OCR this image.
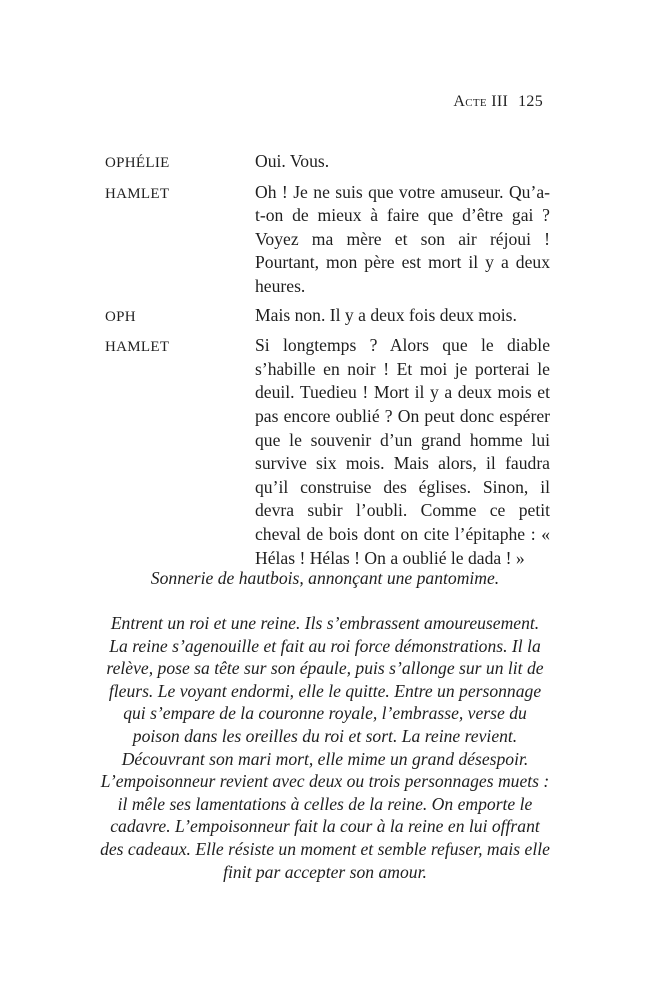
Acte III 125
OPHÉLIE	Oui. Vous.
HAMLET	Oh ! Je ne suis que votre amuseur. Qu’a-t-on de mieux à faire que d’être gai ? Voyez ma mère et son air réjoui ! Pourtant, mon père est mort il y a deux heures.
OPH	Mais non. Il y a deux fois deux mois.
HAMLET	Si longtemps ? Alors que le diable s’habille en noir ! Et moi je porterai le deuil. Tuedieu ! Mort il y a deux mois et pas encore oublié ? On peut donc espérer que le souvenir d’un grand homme lui survive six mois. Mais alors, il faudra qu’il construise des églises. Sinon, il devra subir l’oubli. Comme ce petit cheval de bois dont on cite l’épitaphe : « Hélas ! Hélas ! On a oublié le dada ! »
Sonnerie de hautbois, annonçant une pantomime.
Entrent un roi et une reine. Ils s’embrassent amoureusement. La reine s’agenouille et fait au roi force démonstrations. Il la relève, pose sa tête sur son épaule, puis s’allonge sur un lit de fleurs. Le voyant endormi, elle le quitte. Entre un personnage qui s’empare de la couronne royale, l’embrasse, verse du poison dans les oreilles du roi et sort. La reine revient. Découvrant son mari mort, elle mime un grand désespoir. L’empoisonneur revient avec deux ou trois personnages muets : il mêle ses lamentations à celles de la reine. On emporte le cadavre. L’empoisonneur fait la cour à la reine en lui offrant des cadeaux. Elle résiste un moment et semble refuser, mais elle finit par accepter son amour.
